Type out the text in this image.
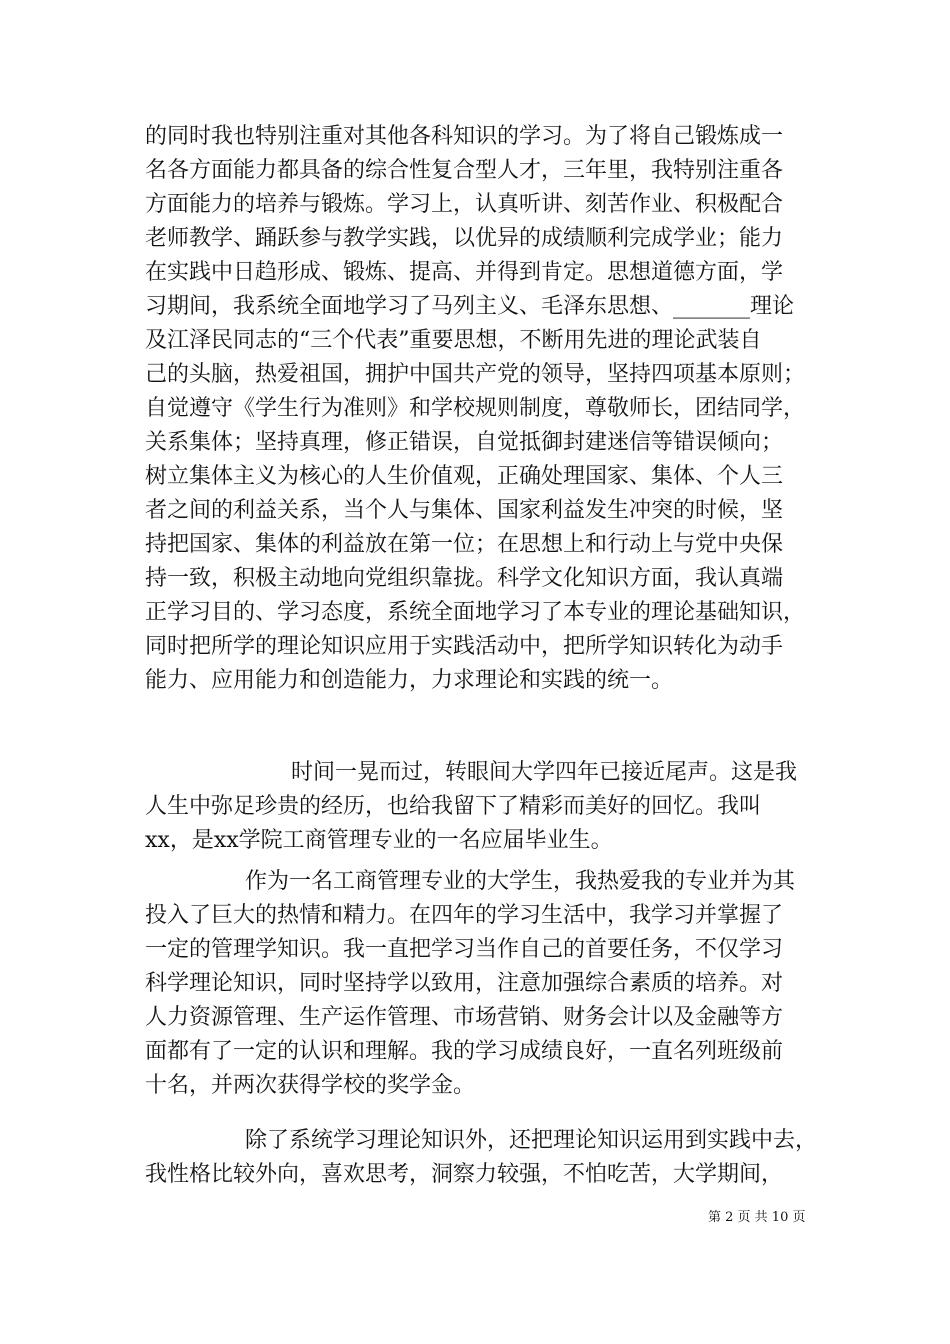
的同时我也特别注重对其他各科知识的学习。为了将自己锻炼成一
名各方面能力都具备的综合性复合型人才，三年里，我特别注重各
方面能力的培养与锻炼。学习上，认真听讲、刻苦作业、积极配合
老师教学、踊跃参与教学实践，以优异的成绩顺利完成学业；能力
在实践中日趋形成、锻炼、提高、并得到肯定。思想道德方面，学
习期间，我系统全面地学习了马列主义、毛泽东思想、_______理论
及江泽民同志的“三个代表”重要思想，不断用先进的理论武装自
己的头脑，热爱祖国，拥护中国共产党的领导，坚持四项基本原则；
自觉遵守《学生行为准则》和学校规则制度，尊敬师长，团结同学，
关系集体；坚持真理，修正错误，自觉抵御封建迷信等错误倾向；
树立集体主义为核心的人生价值观，正确处理国家、集体、个人三
者之间的利益关系，当个人与集体、国家利益发生冲突的时候，坚
持把国家、集体的利益放在第一位；在思想上和行动上与党中央保
持一致，积极主动地向党组织靠拢。科学文化知识方面，我认真端
正学习目的、学习态度，系统全面地学习了本专业的理论基础知识，
同时把所学的理论知识应用于实践活动中，把所学知识转化为动手
能力、应用能力和创造能力，力求理论和实践的统一。
时间一晃而过，转眼间大学四年已接近尾声。这是我
人生中弥足珍贵的经历，也给我留下了精彩而美好的回忆。我叫
xx，是xx学院工商管理专业的一名应届毕业生。
作为一名工商管理专业的大学生，我热爱我的专业并为其
投入了巨大的热情和精力。在四年的学习生活中，我学习并掌握了
一定的管理学知识。我一直把学习当作自己的首要任务，不仅学习
科学理论知识，同时坚持学以致用，注意加强综合素质的培养。对
人力资源管理、生产运作管理、市场营销、财务会计以及金融等方
面都有了一定的认识和理解。我的学习成绩良好，一直名列班级前
十名，并两次获得学校的奖学金。
除了系统学习理论知识外，还把理论知识运用到实践中去，
我性格比较外向，喜欢思考，洞察力较强，不怕吃苦，大学期间，
第 2 页 共 10 页
